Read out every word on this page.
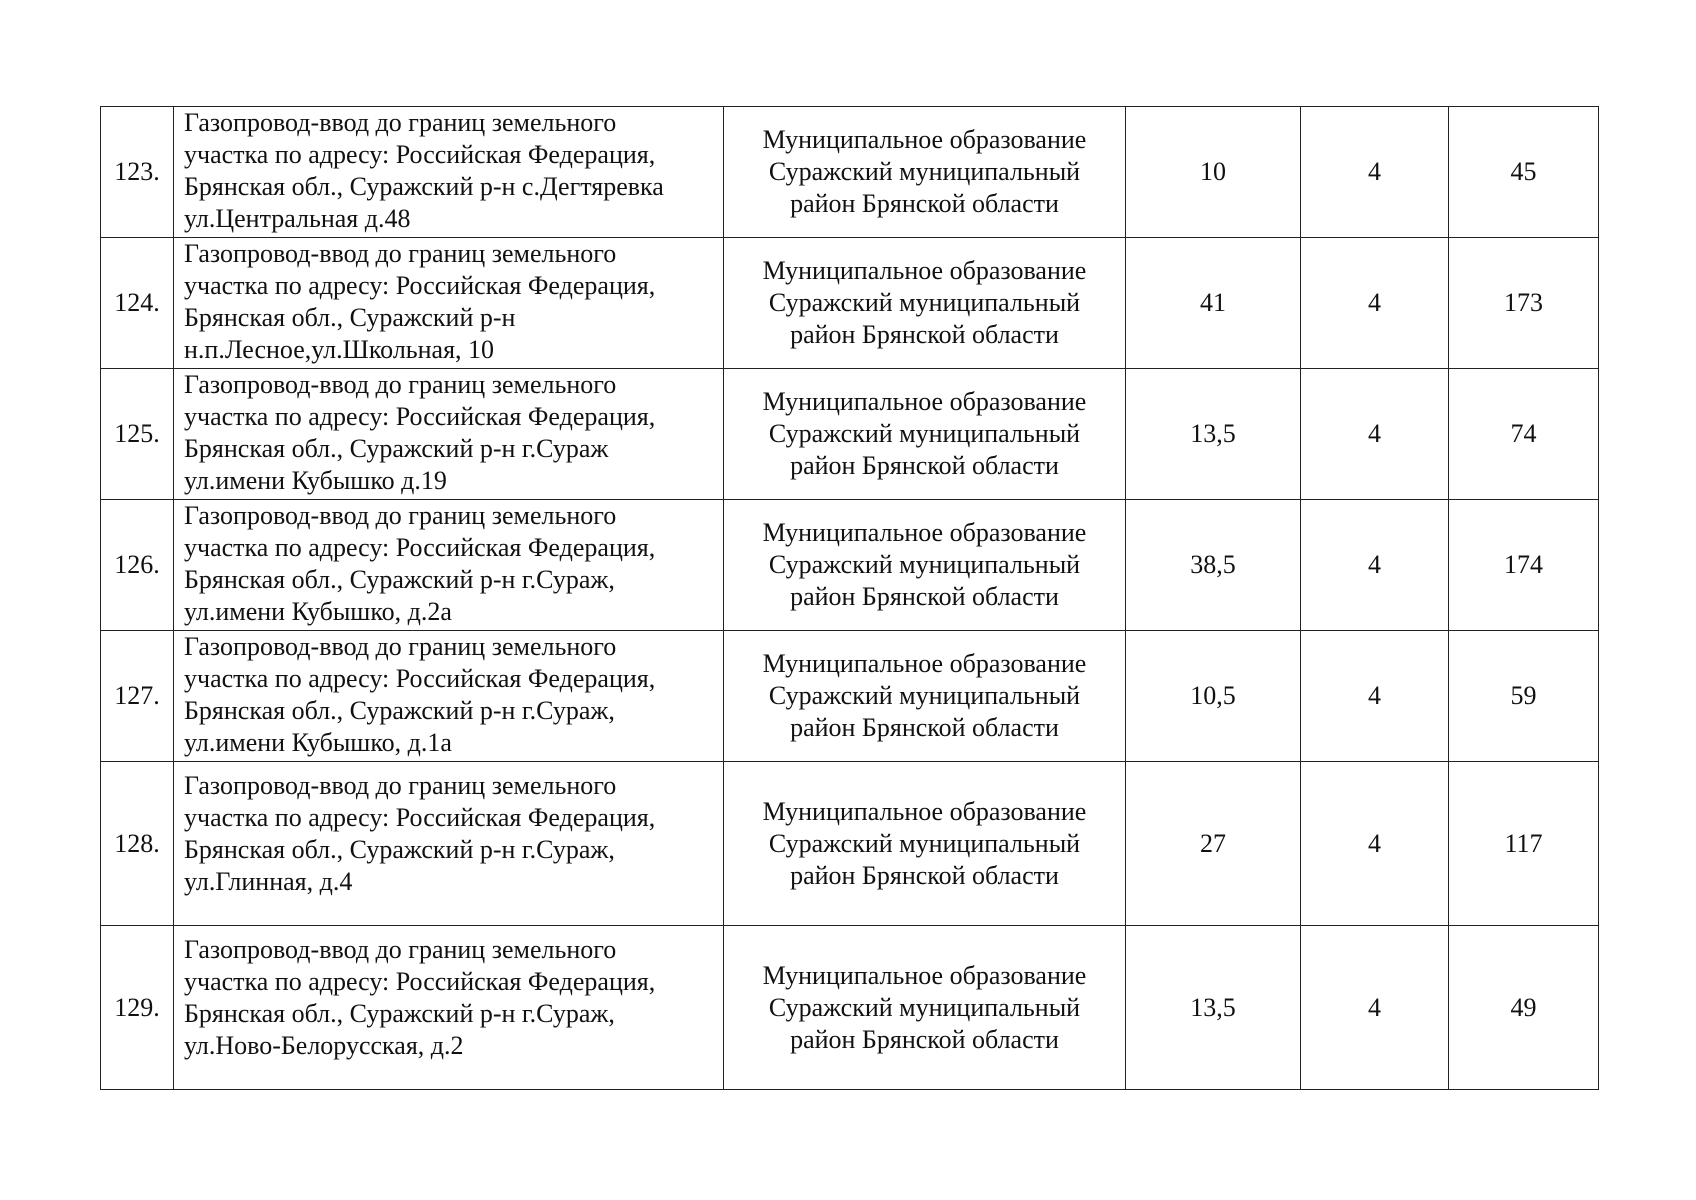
123.	Газопровод-ввод до границ земельного
участка по адресу: Российская Федерация,
Брянская обл., Суражский р-н с.Дегтяревка
ул.Центральная д.48	Муниципальное образование
Суражский муниципальный
район Брянской области	10	4	45
124.	Газопровод-ввод до границ земельного
участка по адресу: Российская Федерация,
Брянская обл., Суражский р-н
н.п.Лесное,ул.Школьная, 10	Муниципальное образование
Суражский муниципальный
район Брянской области	41	4	173
125.	Газопровод-ввод до границ земельного
участка по адресу: Российская Федерация,
Брянская обл., Суражский р-н г.Сураж
ул.имени Кубышко д.19	Муниципальное образование
Суражский муниципальный
район Брянской области	13,5	4	74
126.	Газопровод-ввод до границ земельного
участка по адресу: Российская Федерация,
Брянская обл., Суражский р-н г.Сураж,
ул.имени Кубышко, д.2а	Муниципальное образование
Суражский муниципальный
район Брянской области	38,5	4	174
127.	Газопровод-ввод до границ земельного
участка по адресу: Российская Федерация,
Брянская обл., Суражский р-н г.Сураж,
ул.имени Кубышко, д.1а	Муниципальное образование
Суражский муниципальный
район Брянской области	10,5	4	59
128.	Газопровод-ввод до границ земельного
участка по адресу: Российская Федерация,
Брянская обл., Суражский р-н г.Сураж,
ул.Глинная, д.4	Муниципальное образование
Суражский муниципальный
район Брянской области	27	4	117
129.	Газопровод-ввод до границ земельного
участка по адресу: Российская Федерация,
Брянская обл., Суражский р-н г.Сураж,
ул.Ново-Белорусская, д.2	Муниципальное образование
Суражский муниципальный
район Брянской области	13,5	4	49
